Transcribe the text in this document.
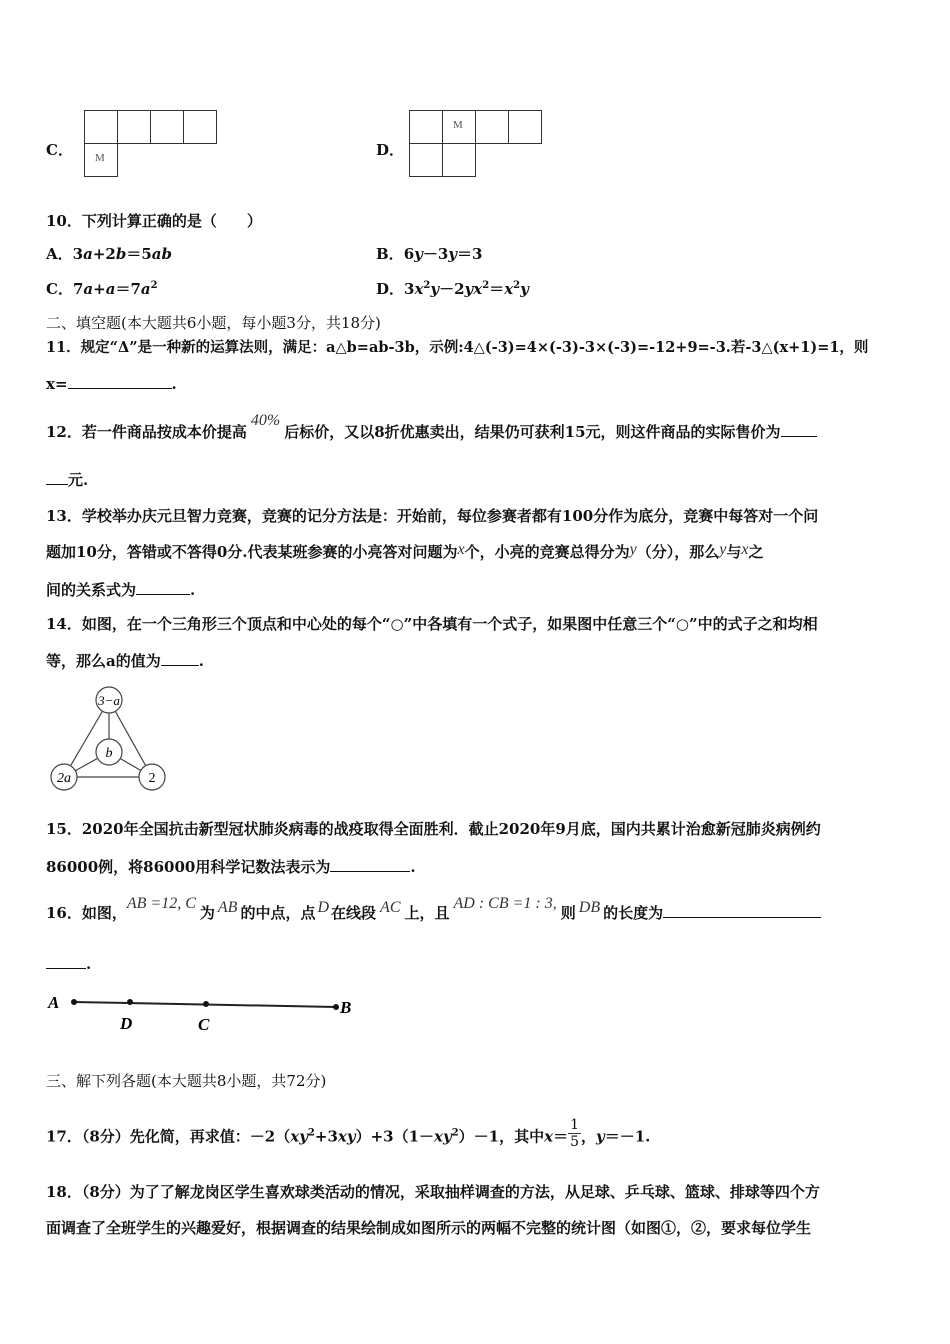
C． M	D．
M
10．下列计算正确的是（　　）
A．3a+2b＝5ab	B．6y－3y＝3
C．$7a+a=7a^2$	D．$3x^2y-2yx^2=x^2y$
二、填空题(本大题共6小题，每小题3分，共18分)
11．规定“Δ”是一种新的运算法则，满足：a△b=ab-3b，示例:4△(-3)=4×(-3)-3×(-3)=-12+9=-3.若-3△(x+1)=1，则
x=	.
12．若一件商品按成本价提高40%后标价，又以8折优惠卖出，结果仍可获利15元，则这件商品的实际售价为
元.
13．学校举办庆元旦智力竞赛，竞赛的记分方法是：开始前，每位参赛者都有100分作为底分，竞赛中每答对一个问
题加10分，答错或不答得0分.代表某班参赛的小亮答对问题为x个，小亮的竞赛总得分为y（分），那么y与x之
间的关系式为	.
14．如图，在一个三角形三个顶点和中心处的每个“○”中各填有一个式子，如果图中任意三个“○”中的式子之和均相
等，那么a的值为	.
3−a
b
2a	2
15．2020年全国抗击新型冠状肺炎病毒的战疫取得全面胜利．截止2020年9月底，国内共累计治愈新冠肺炎病例约
86000例，将86000用科学记数法表示为	.
16．如图，AB =12, C为 AB 的中点，点 D 在线段 AC 上，且AD : CB =1 : 3,则 DB 的长度为
.
A
D	C
B
三、解下列各题(本大题共8小题，共72分)
17．（8分）先化简，再求值：$-2(xy^2+3xy)+3(1-xy^2)-1$，其中$x= \frac{1}{5}$ ，y＝－1.
18．（8分）为了了解龙岗区学生喜欢球类活动的情况，采取抽样调查的方法，从足球、乒乓球、篮球、排球等四个方
面调查了全班学生的兴趣爱好，根据调查的结果绘制成如图所示的两幅不完整的统计图（如图①，②，要求每位学生
